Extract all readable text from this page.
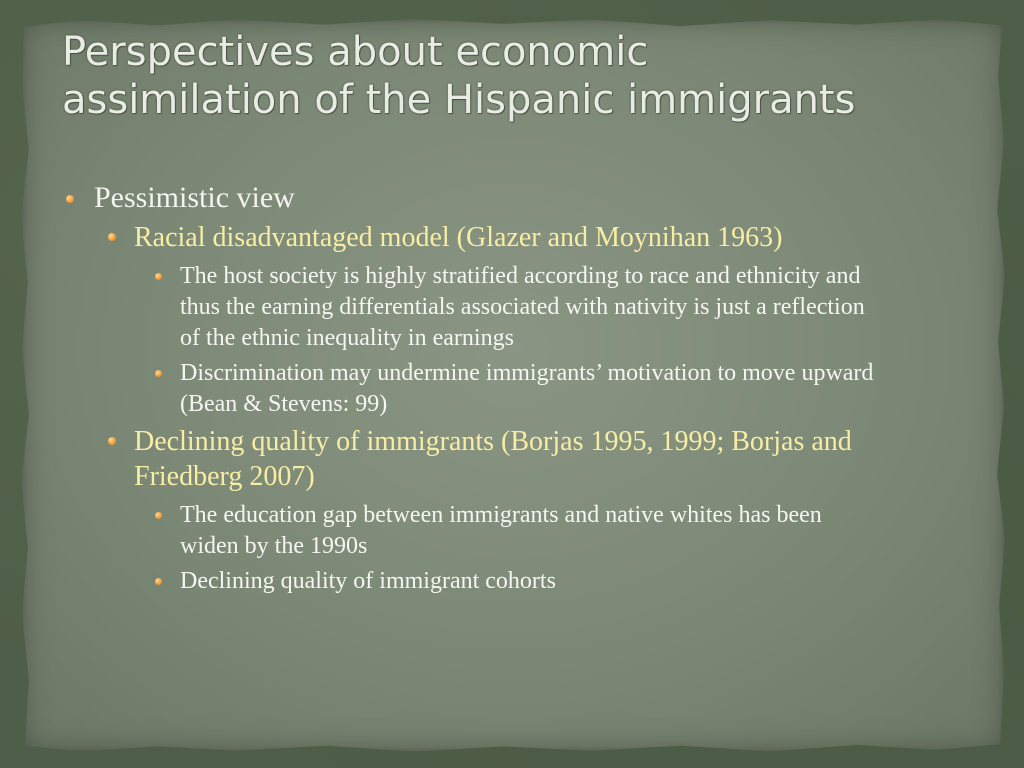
Perspectives about economic
assimilation of the Hispanic immigrants
Pessimistic view
Racial disadvantaged model (Glazer and Moynihan 1963)
The host society is highly stratified according to race and ethnicity and thus the earning differentials associated with nativity is just a reflection of the ethnic inequality in earnings
Discrimination may undermine immigrants’ motivation to move upward (Bean & Stevens: 99)
Declining quality of immigrants (Borjas 1995, 1999; Borjas and Friedberg 2007)
The education gap between immigrants and native whites has been widen by the 1990s
Declining quality of immigrant cohorts
